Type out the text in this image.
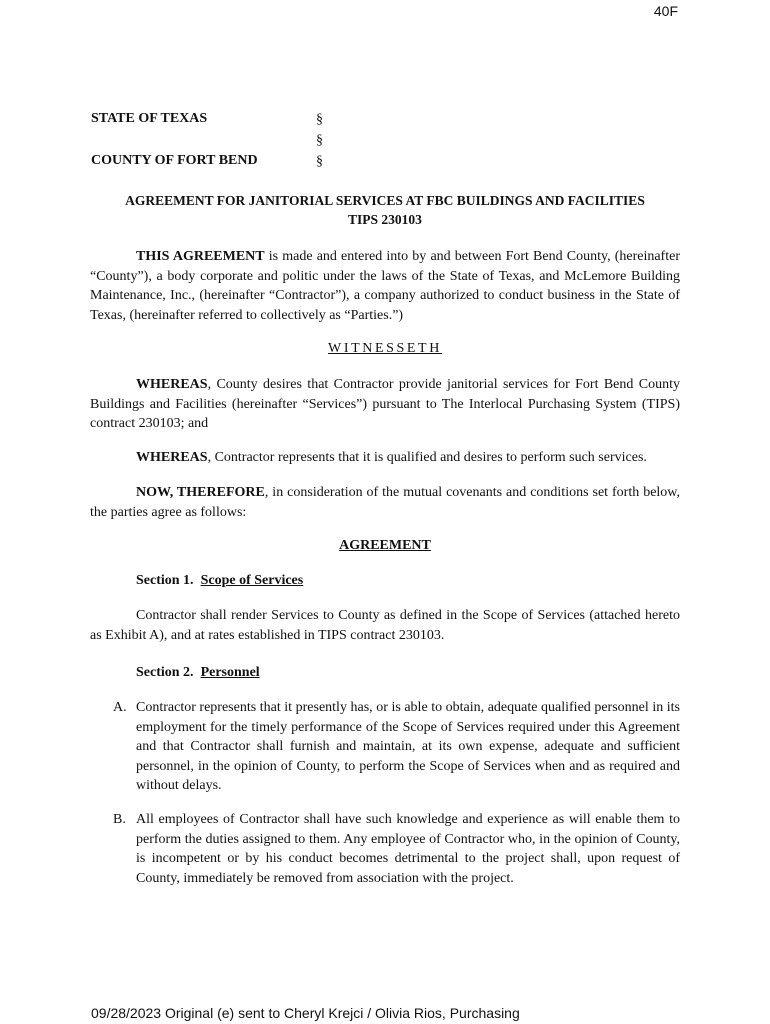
40F
STATE OF TEXAS	§
§
COUNTY OF FORT BEND	§
AGREEMENT FOR JANITORIAL SERVICES AT FBC BUILDINGS AND FACILITIES
TIPS 230103
THIS AGREEMENT is made and entered into by and between Fort Bend County, (hereinafter “County”), a body corporate and politic under the laws of the State of Texas, and McLemore Building Maintenance, Inc., (hereinafter “Contractor”), a company authorized to conduct business in the State of Texas, (hereinafter referred to collectively as “Parties.”)
WITNESSETH
WHEREAS, County desires that Contractor provide janitorial services for Fort Bend County Buildings and Facilities (hereinafter “Services”) pursuant to The Interlocal Purchasing System (TIPS) contract 230103; and
WHEREAS, Contractor represents that it is qualified and desires to perform such services.
NOW, THEREFORE, in consideration of the mutual covenants and conditions set forth below, the parties agree as follows:
AGREEMENT
Section 1. Scope of Services
Contractor shall render Services to County as defined in the Scope of Services (attached hereto as Exhibit A), and at rates established in TIPS contract 230103.
Section 2. Personnel
A. Contractor represents that it presently has, or is able to obtain, adequate qualified personnel in its employment for the timely performance of the Scope of Services required under this Agreement and that Contractor shall furnish and maintain, at its own expense, adequate and sufficient personnel, in the opinion of County, to perform the Scope of Services when and as required and without delays.
B. All employees of Contractor shall have such knowledge and experience as will enable them to perform the duties assigned to them. Any employee of Contractor who, in the opinion of County, is incompetent or by his conduct becomes detrimental to the project shall, upon request of County, immediately be removed from association with the project.
09/28/2023 Original (e) sent to Cheryl Krejci / Olivia Rios, Purchasing
